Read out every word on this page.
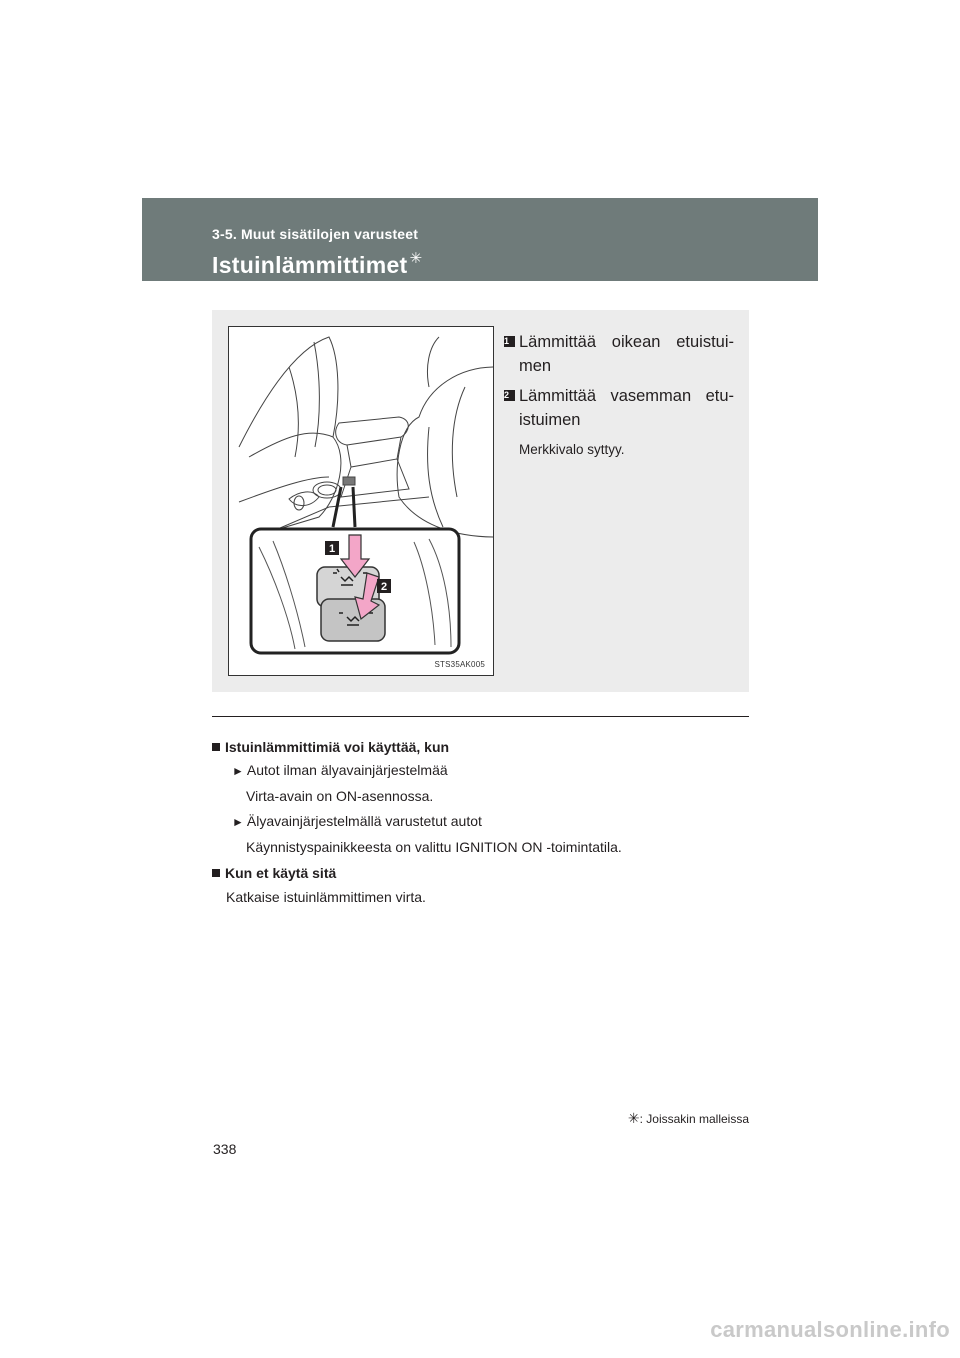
3-5. Muut sisätilojen varusteet
Istuinlämmittimet ✳
1
2
STS35AK005
1 Lämmittää oikean etuistui-men
2 Lämmittää vasemman etu-istuimen
Merkkivalo syttyy.
Istuinlämmittimiä voi käyttää, kun
► Autot ilman älyavainjärjestelmää
Virta-avain on ON-asennossa.
► Älyavainjärjestelmällä varustetut autot
Käynnistyspainikkeesta on valittu IGNITION ON -toimintatila.
Kun et käytä sitä
Katkaise istuinlämmittimen virta.
✳: Joissakin malleissa
338
carmanualsonline.info
